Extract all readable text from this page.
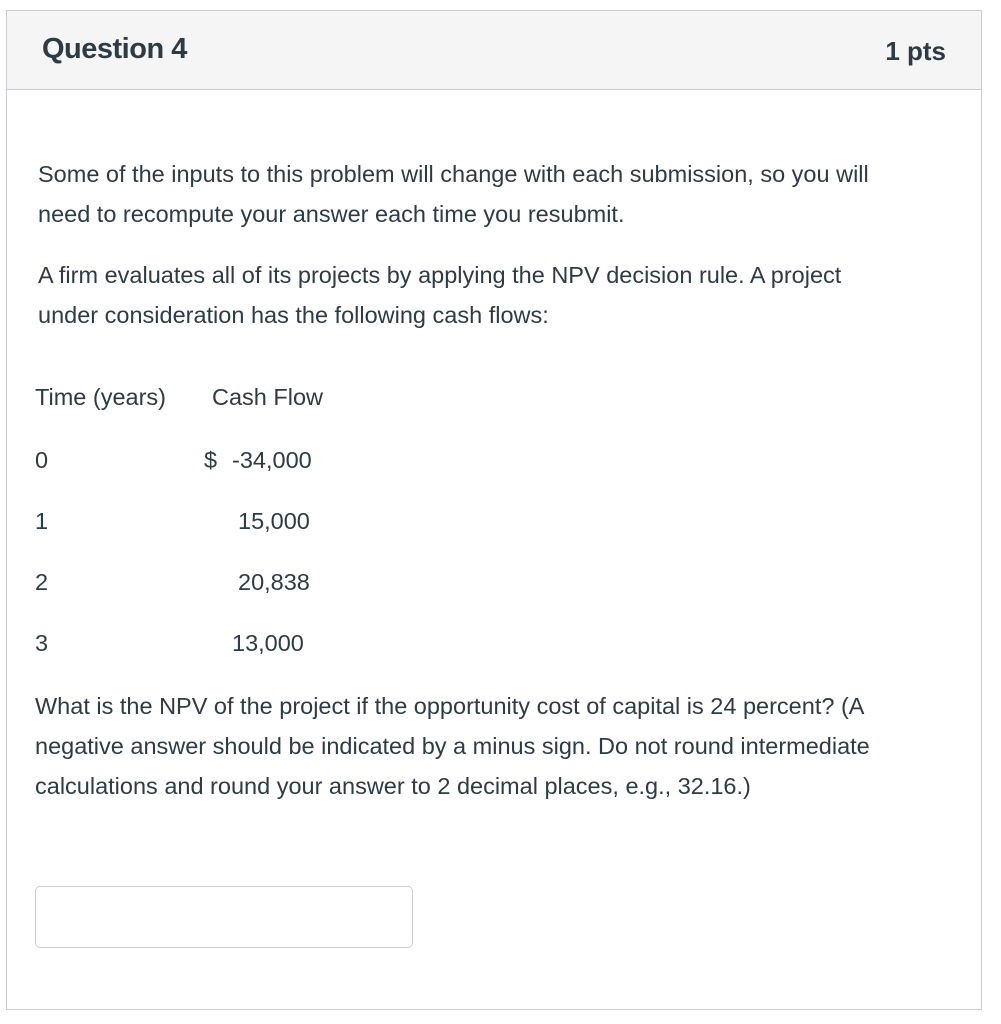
Question 4	1 pts
Some of the inputs to this problem will change with each submission, so you will need to recompute your answer each time you resubmit.
A firm evaluates all of its projects by applying the NPV decision rule. A project under consideration has the following cash flows:
Time (years) Cash Flow
0	$ -34,000
1	15,000
2	20,838
3	13,000
What is the NPV of the project if the opportunity cost of capital is 24 percent? (A negative answer should be indicated by a minus sign. Do not round intermediate calculations and round your answer to 2 decimal places, e.g., 32.16.)
